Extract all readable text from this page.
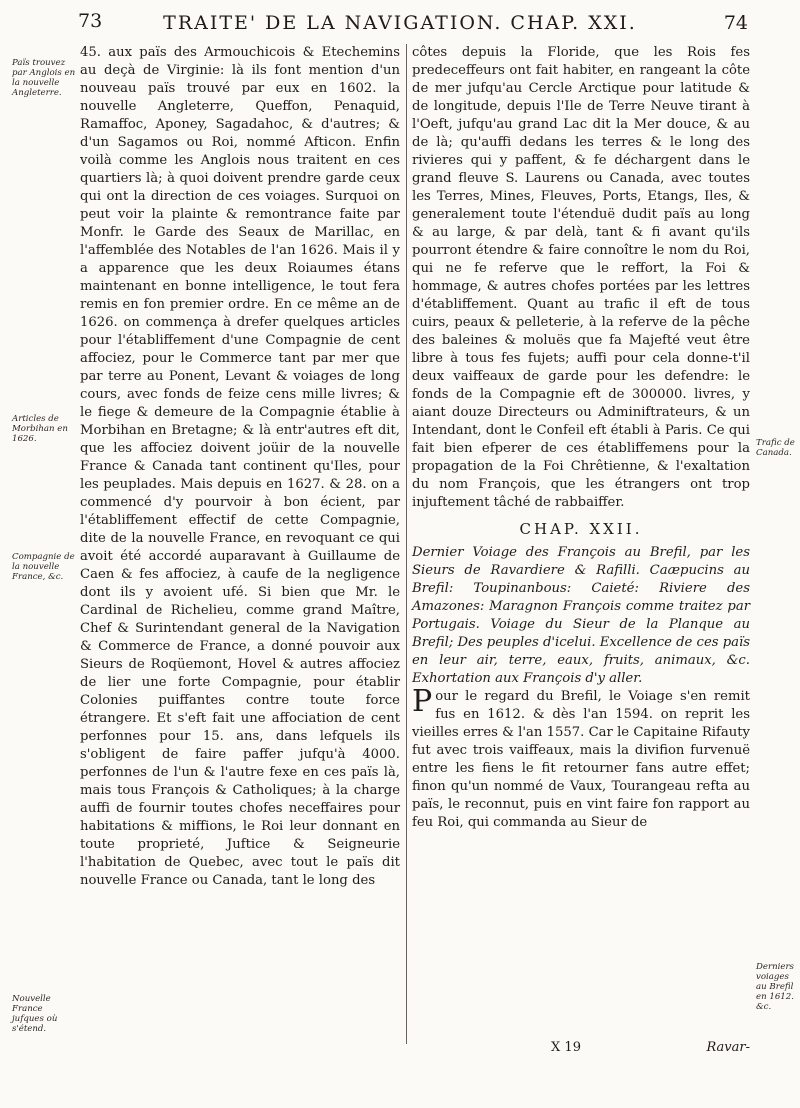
73	TRAITE' DE LA NAVIGATION. CHAP. XXI.	74
Païs trouvez par Anglois en la nouvelle Angleterre.
Articles de Morbihan en 1626.
Compagnie de la nouvelle France, &c.
Nouvelle France jufques où s'étend.

45. aux païs des Armouchicois & Etechemins au deçà de Virginie: là ils font mention d'un nouveau païs trouvé par eux en 1602. la nouvelle Angleterre, Queffon, Penaquid, Ramaffoc, Aponey, Sagadahoc, & d'autres; & d'un Sagamos ou Roi, nommé Afticon. Enfin voilà comme les Anglois nous traitent en ces quartiers là; à quoi doivent prendre garde ceux qui ont la direction de ces voiages. Surquoi on peut voir la plainte & remontrance faite par Monfr. le Garde des Seaux de Marillac, en l'affemblée des Notables de l'an 1626. Mais il y a apparence que les deux Roiaumes étans maintenant en bonne intelligence, le tout fera remis en fon premier ordre. En ce même an de 1626. on commença à drefer quelques articles pour l'établiffement d'une Compagnie de cent affociez, pour le Commerce tant par mer que par terre au Ponent, Levant & voiages de long cours, avec fonds de feize cens mille livres; & le fiege & demeure de la Compagnie établie à Morbihan en Bretagne; & là entr'autres eft dit, que les affociez doivent joüir de la nouvelle France & Canada tant continent qu'Iles, pour les peuplades. Mais depuis en 1627. & 28. on a commencé d'y pourvoir à bon écient, par l'établiffement effectif de cette Compagnie, dite de la nouvelle France, en revoquant ce qui avoit été accordé auparavant à Guillaume de Caen & fes affociez, à caufe de la negligence dont ils y avoient ufé. Si bien que Mr. le Cardinal de Richelieu, comme grand Maître, Chef & Surintendant general de la Navigation & Commerce de France, a donné pouvoir aux Sieurs de Roqüemont, Hovel & autres affociez de lier une forte Compagnie, pour établir Colonies puiffantes contre toute force étrangere. Et s'eft fait une affociation de cent perfonnes pour 15. ans, dans lefquels ils s'obligent de faire paffer jufqu'à 4000. perfonnes de l'un & l'autre fexe en ces païs là, mais tous François & Catholiques; à la charge auffi de fournir toutes chofes neceffaires pour habitations & miffions, le Roi leur donnant en toute proprieté, Juftice & Seigneurie l'habitation de Quebec, avec tout le païs dit nouvelle France ou Canada, tant le long des

côtes depuis la Floride, que les Rois fes predeceffeurs ont fait habiter, en rangeant la côte de mer jufqu'au Cercle Arctique pour latitude & de longitude, depuis l'Ile de Terre Neuve tirant à l'Oeft, jufqu'au grand Lac dit la Mer douce, & au de là; qu'auffi dedans les terres & le long des rivieres qui y paffent, & fe déchargent dans le grand fleuve S. Laurens ou Canada, avec toutes les Terres, Mines, Fleuves, Ports, Etangs, Iles, & generalement toute l'étenduë dudit païs au long & au large, & par delà, tant & fi avant qu'ils pourront étendre & faire connoître le nom du Roi, qui ne fe referve que le reffort, la Foi & hommage, & autres chofes portées par les lettres d'établiffement. Quant au trafic il eft de tous cuirs, peaux & pelleterie, à la referve de la pêche des baleines & moluës que fa Majefté veut être libre à tous fes fujets; auffi pour cela donne-t'il deux vaiffeaux de garde pour les defendre: le fonds de la Compagnie eft de 300000. livres, y aiant douze Directeurs ou Adminiftrateurs, & un Intendant, dont le Confeil eft établi à Paris. Ce qui fait bien efperer de ces établiffemens pour la propagation de la Foi Chrêtienne, & l'exaltation du nom François, que les étrangers ont trop injuftement tâché de rabbaiffer.

CHAP. XXII.

Dernier Voiage des François au Brefil, par les Sieurs de Ravardiere & Rafilli. Caæpucins au Brefil: Toupinanbous: Caieté: Riviere des Amazones: Maragnon François comme traitez par Portugais. Voiage du Sieur de la Planque au Brefil; Des peuples d'icelui. Excellence de ces païs en leur air, terre, eaux, fruits, animaux, &c. Exhortation aux François d'y aller.

Pour le regard du Brefil, le Voiage s'en remit fus en 1612. & dès l'an 1594. on reprit les vieilles erres & l'an 1557. Car le Capitaine Rifauty fut avec trois vaiffeaux, mais la divifion furvenuë entre les fiens le fit retourner fans autre effet; finon qu'un nommé de Vaux, Tourangeau refta au païs, le reconnut, puis en vint faire fon rapport au feu Roi, qui commanda au Sieur de

Trafic de Canada.
Derniers voiages au Brefil en 1612. &c.
X 19	Ravar-
